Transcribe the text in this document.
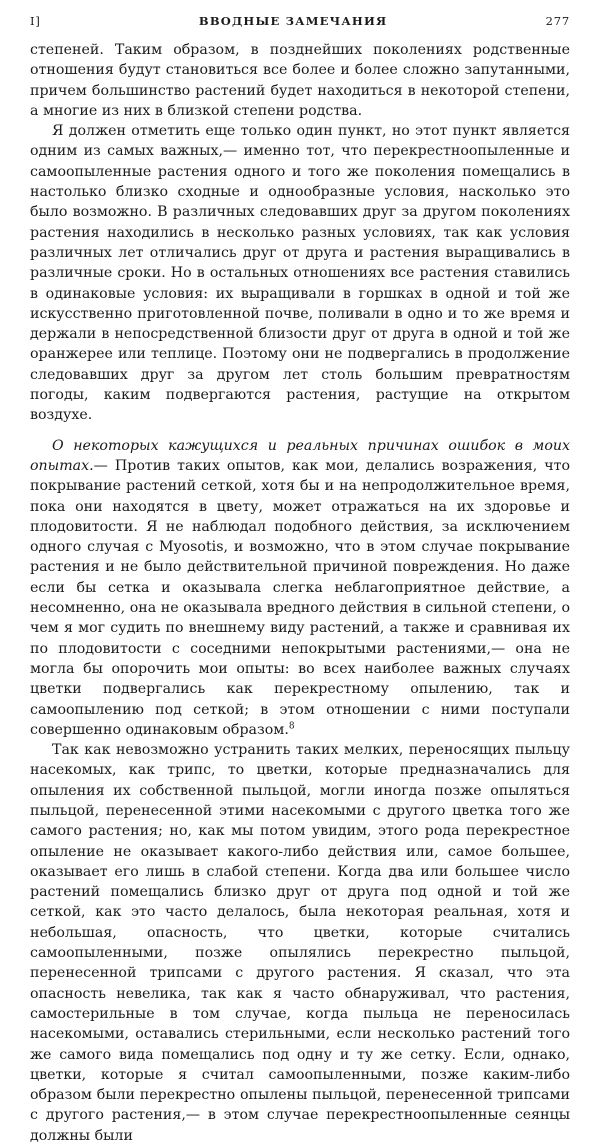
I]	ВВОДНЫЕ ЗАМЕЧАНИЯ	277

степеней. Таким образом, в позднейших поколениях родственные отношения будут становиться все более и более сложно запутанными, причем большинство растений будет находиться в некоторой степени, а многие из них в близкой степени родства.

Я должен отметить еще только один пункт, но этот пункт является одним из самых важных,— именно тот, что перекрестноопыленные и самоопыленные растения одного и того же поколения помещались в настолько близко сходные и однообразные условия, насколько это было возможно. В различных следовавших друг за другом поколениях растения находились в несколько разных условиях, так как условия различных лет отличались друг от друга и растения выращивались в различные сроки. Но в остальных отношениях все растения ставились в одинаковые условия: их выращивали в горшках в одной и той же искусственно приготовленной почве, поливали в одно и то же время и держали в непосредственной близости друг от друга в одной и той же оранжерее или теплице. Поэтому они не подвергались в продолжение следовавших друг за другом лет столь большим превратностям погоды, каким подвергаются растения, растущие на открытом воздухе.

О некоторых кажущихся и реальных причинах ошибок в моих опытах.— Против таких опытов, как мои, делались возражения, что покрывание растений сеткой, хотя бы и на непродолжительное время, пока они находятся в цвету, может отражаться на их здоровье и плодовитости. Я не наблюдал подобного действия, за исключением одного случая с Myosotis, и возможно, что в этом случае покрывание растения и не было действительной причиной повреждения. Но даже если бы сетка и оказывала слегка неблагоприятное действие, а несомненно, она не оказывала вредного действия в сильной степени, о чем я мог судить по внешнему виду растений, а также и сравнивая их по плодовитости с соседними непокрытыми растениями,— она не могла бы опорочить мои опыты: во всех наиболее важных случаях цветки подвергались как перекрестному опылению, так и самоопылению под сеткой; в этом отношении с ними поступали совершенно одинаковым образом.$^8$

Так как невозможно устранить таких мелких, переносящих пыльцу насекомых, как трипс, то цветки, которые предназначались для опыления их собственной пыльцой, могли иногда позже опыляться пыльцой, перенесенной этими насекомыми с другого цветка того же самого растения; но, как мы потом увидим, этого рода перекрестное опыление не оказывает какого-либо действия или, самое большее, оказывает его лишь в слабой степени. Когда два или большее число растений помещались близко друг от друга под одной и той же сеткой, как это часто делалось, была некоторая реальная, хотя и небольшая, опасность, что цветки, которые считались самоопыленными, позже опылялись перекрестно пыльцой, перенесенной трипсами с другого растения. Я сказал, что эта опасность невелика, так как я часто обнаруживал, что растения, самостерильные в том случае, когда пыльца не переносилась насекомыми, оставались стерильными, если несколько растений того же самого вида помещались под одну и ту же сетку. Если, однако, цветки, которые я считал самоопыленными, позже каким-либо образом были перекрестно опылены пыльцой, перенесенной трипсами с другого растения,— в этом случае перекрестноопыленные сеянцы должны были
